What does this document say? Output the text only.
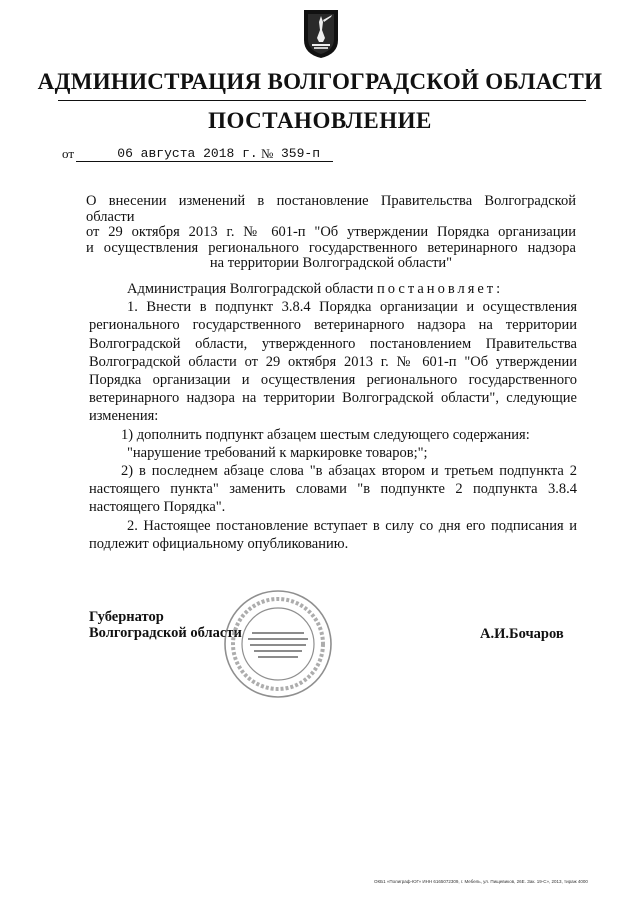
АДМИНИСТРАЦИЯ ВОЛГОГРАДСКОЙ ОБЛАСТИ
ПОСТАНОВЛЕНИЕ
от	06 августа 2018 г. № 359-п
О внесении изменений в постановление Правительства Волгоградской области
от 29 октября 2013 г. № 601-п "Об утверждении Порядка организации
и осуществления регионального государственного ветеринарного надзора
на территории Волгоградской области"
Администрация Волгоградской области постановляет:
1. Внести в подпункт 3.8.4 Порядка организации и осуществления регионального государственного ветеринарного надзора на территории Волгоградской области, утвержденного постановлением Правительства Волгоградской области от 29 октября 2013 г. № 601-п "Об утверждении Порядка организации и осуществления регионального государственного ветеринарного надзора на территории Волгоградской области", следующие изменения:
1) дополнить подпункт абзацем шестым следующего содержания:
"нарушение требований к маркировке товаров;";
2) в последнем абзаце слова "в абзацах втором и третьем подпункта 2 настоящего пункта" заменить словами "в подпункте 2 подпункта 3.8.4 настоящего Порядка".
2. Настоящее постановление вступает в силу со дня его подписания и подлежит официальному опубликованию.
Губернатор
Волгоградской области	А.И.Бочаров
ОКБ1 «Полиграф-ЮГ» ИНН 6165072309, г. Мебель, ул. Пищевиков, 26Е. Зак. 19-С», 2013, тираж 4000
